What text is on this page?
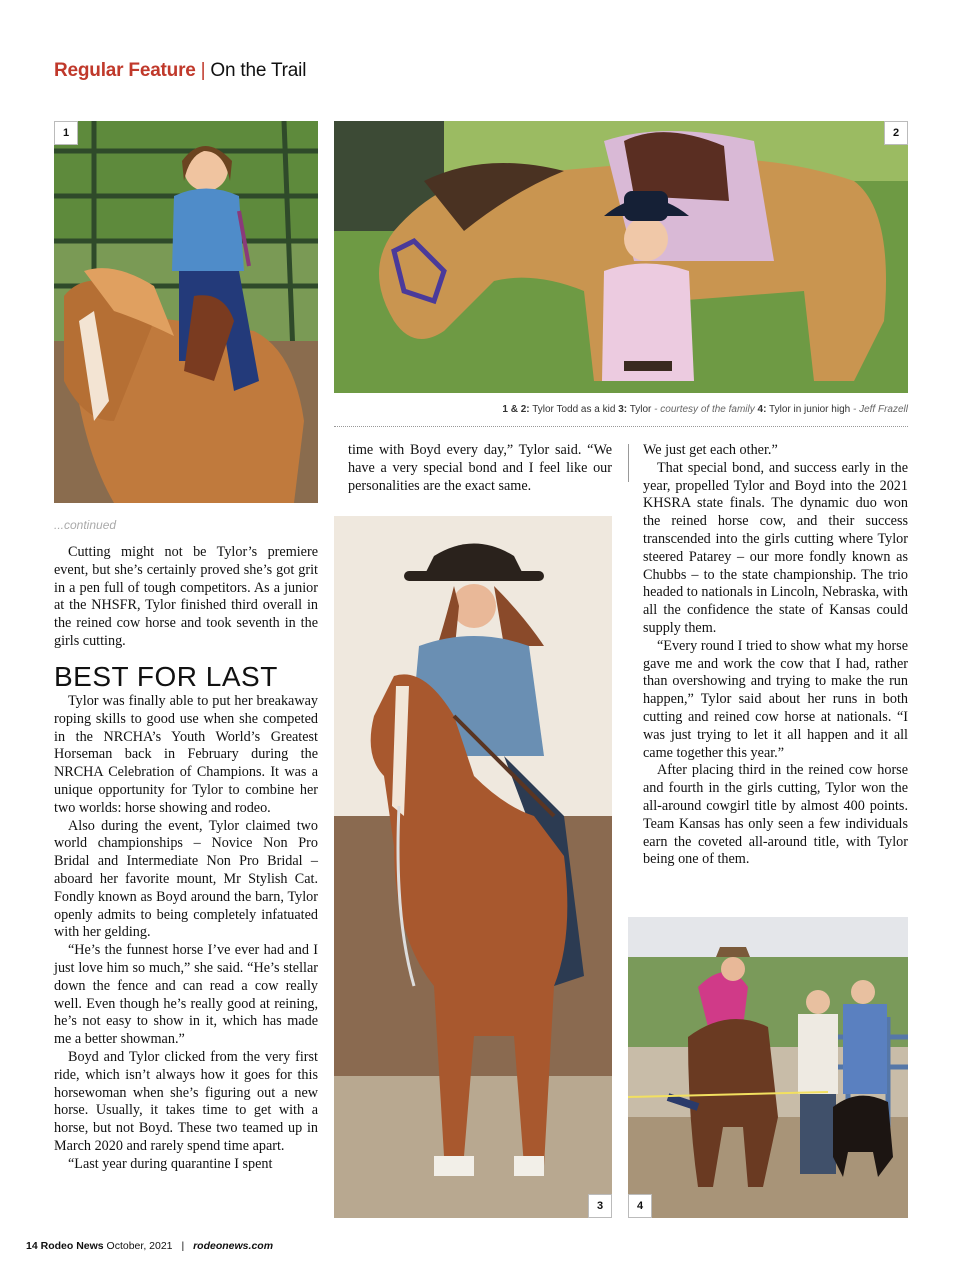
Regular Feature | On the Trail
1	2
1 & 2: Tylor Todd as a kid 3: Tylor - courtesy of the family 4: Tylor in junior high - Jeff Frazell
3	4
...continued

Cutting might not be Tylor’s premiere event, but she’s certainly proved she’s got grit in a pen full of tough competitors. As a junior at the NHSFR, Tylor finished third overall in the reined cow horse and took seventh in the girls cutting.

BEST FOR LAST

Tylor was finally able to put her breakaway roping skills to good use when she competed in the NRCHA’s Youth World’s Greatest Horseman back in February during the NRCHA Celebration of Champions. It was a unique opportunity for Tylor to combine her two worlds: horse showing and rodeo.

Also during the event, Tylor claimed two world championships – Novice Non Pro Bridal and Intermediate Non Pro Bridal – aboard her favorite mount, Mr Stylish Cat. Fondly known as Boyd around the barn, Tylor openly admits to being completely infatuated with her gelding.

“He’s the funnest horse I’ve ever had and I just love him so much,” she said. “He’s stellar down the fence and can read a cow really well. Even though he’s really good at reining, he’s not easy to show in it, which has made me a better showman.”

Boyd and Tylor clicked from the very first ride, which isn’t always how it goes for this horsewoman when she’s figuring out a new horse. Usually, it takes time to get with a horse, but not Boyd. These two teamed up in March 2020 and rarely spend time apart.

“Last year during quarantine I spent

time with Boyd every day,” Tylor said. “We have a very special bond and I feel like our personalities are the exact same.

We just get each other.”

That special bond, and success early in the year, propelled Tylor and Boyd into the 2021 KHSRA state finals. The dynamic duo won the reined horse cow, and their success transcended into the girls cutting where Tylor steered Patarey – our more fondly known as Chubbs – to the state championship. The trio headed to nationals in Lincoln, Nebraska, with all the confidence the state of Kansas could supply them.

“Every round I tried to show what my horse gave me and work the cow that I had, rather than overshowing and trying to make the run happen,” Tylor said about her runs in both cutting and reined cow horse at nationals. “I was just trying to let it all happen and it all came together this year.”

After placing third in the reined cow horse and fourth in the girls cutting, Tylor won the all-around cowgirl title by almost 400 points. Team Kansas has only seen a few individuals earn the coveted all-around title, with Tylor being one of them.

14 Rodeo News October, 2021 | rodeonews.com
